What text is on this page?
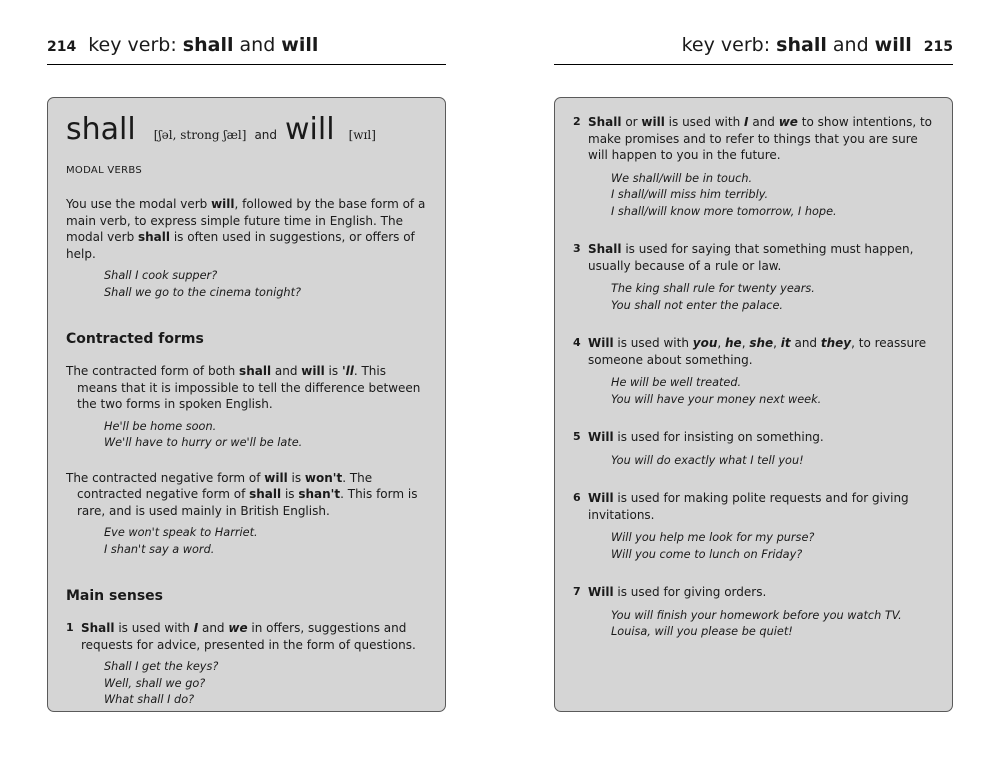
214 key verb: shall and will	key verb: shall and will 215
shall [ʃəl, strong ʃæl] and will [wɪl]
MODAL VERBS

You use the modal verb will, followed by the base form of a main verb, to express simple future time in English. The modal verb shall is often used in suggestions, or offers of help.

Shall I cook supper?
Shall we go to the cinema tonight?
Contracted forms

The contracted form of both shall and will is 'll. This means that it is impossible to tell the difference between the two forms in spoken English.

He'll be home soon.
We'll have to hurry or we'll be late.

The contracted negative form of will is won't. The contracted negative form of shall is shan't. This form is rare, and is used mainly in British English.

Eve won't speak to Harriet.
I shan't say a word.
Main senses
1 Shall is used with I and we in offers, suggestions and requests for advice, presented in the form of questions.
Shall I get the keys?
Well, shall we go?
What shall I do?
2 Shall or will is used with I and we to show intentions, to make promises and to refer to things that you are sure will happen to you in the future.
We shall/will be in touch.
I shall/will miss him terribly.
I shall/will know more tomorrow, I hope.
3 Shall is used for saying that something must happen, usually because of a rule or law.
The king shall rule for twenty years.
You shall not enter the palace.
4 Will is used with you, he, she, it and they, to reassure someone about something.
He will be well treated.
You will have your money next week.
5 Will is used for insisting on something.
You will do exactly what I tell you!
6 Will is used for making polite requests and for giving invitations.
Will you help me look for my purse?
Will you come to lunch on Friday?
7 Will is used for giving orders.
You will finish your homework before you watch TV.
Louisa, will you please be quiet!
